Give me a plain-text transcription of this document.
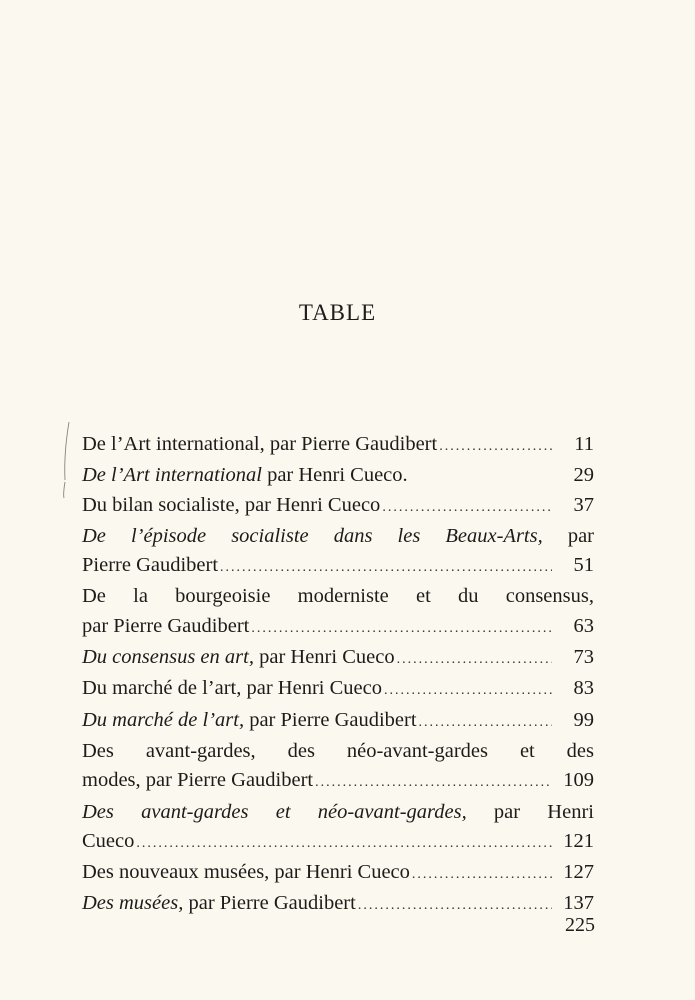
TABLE
De l’Art international, par Pierre Gaudibert .....	11
De l’Art international par Henri Cueco.	29
Du bilan socialiste, par Henri Cueco .....	37
De l’épisode socialiste dans les Beaux-Arts, par
Pierre Gaudibert .....	51
De la bourgeoisie moderniste et du consensus,
par Pierre Gaudibert .....	63
Du consensus en art, par Henri Cueco .....	73
Du marché de l’art, par Henri Cueco .....	83
Du marché de l’art, par Pierre Gaudibert .....	99
Des avant-gardes, des néo-avant-gardes et des
modes, par Pierre Gaudibert .....	109
Des avant-gardes et néo-avant-gardes, par Henri
Cueco .....	121
Des nouveaux musées, par Henri Cueco .....	127
Des musées, par Pierre Gaudibert .....	137
225
